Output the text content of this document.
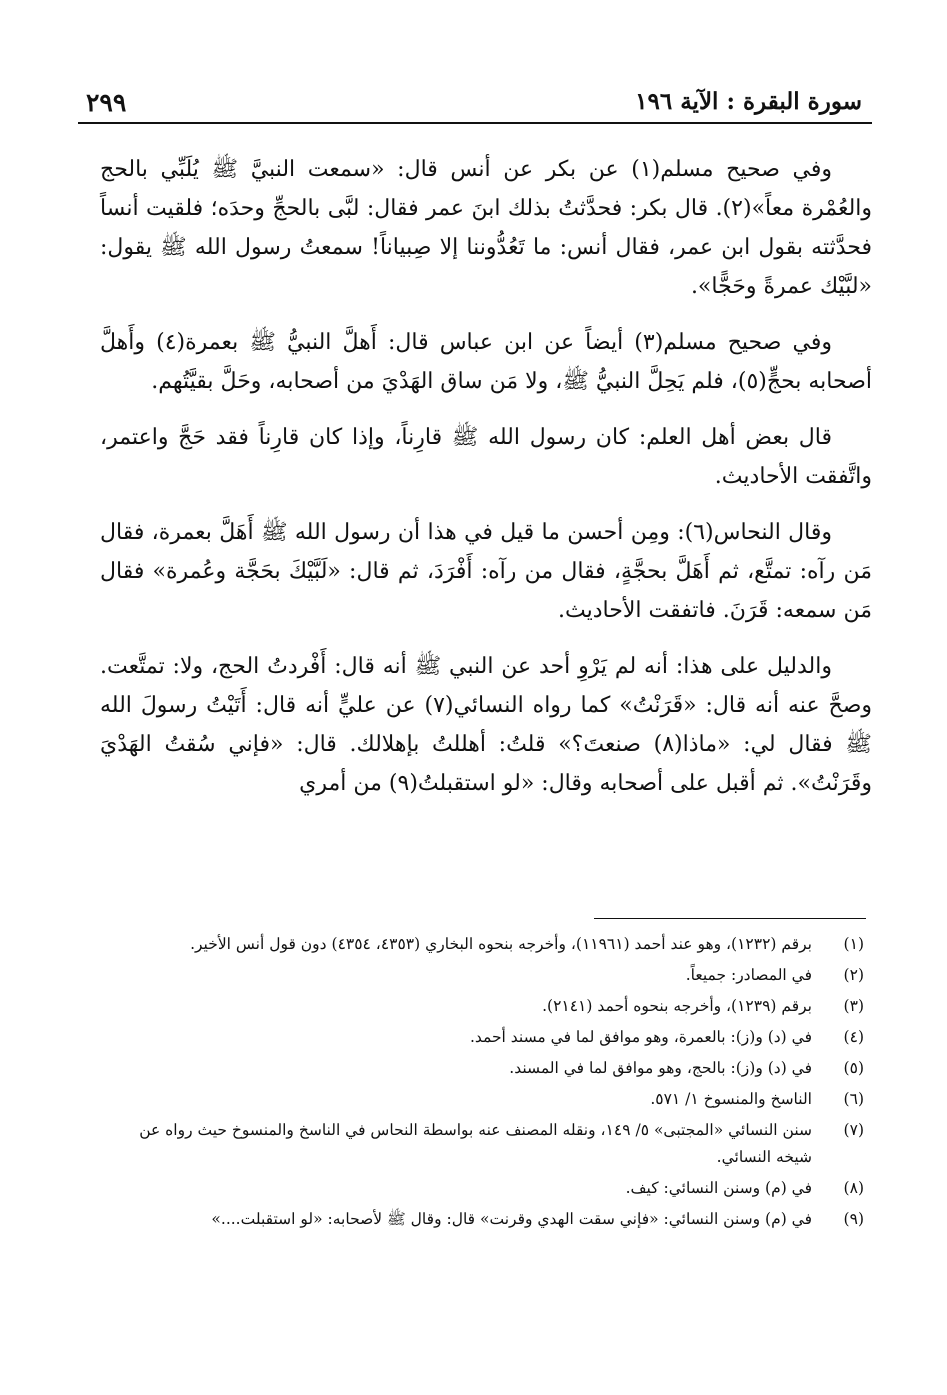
سورة البقرة : الآية ١٩٦
٢٩٩

وفي صحيح مسلم(١) عن بكر عن أنس قال: «سمعت النبيَّ ﷺ يُلَبِّي بالحج والعُمْرة معاً»(٢). قال بكر: فحدَّثتُ بذلك ابنَ عمر فقال: لبَّى بالحجِّ وحدَه؛ فلقيت أنساً فحدَّثته بقول ابن عمر، فقال أنس: ما تَعُدُّوننا إلا صِبياناً! سمعتُ رسول الله ﷺ يقول: «لبَّيْك عمرةً وحَجًّا».

وفي صحيح مسلم(٣) أيضاً عن ابن عباس قال: أَهلَّ النبيُّ ﷺ بعمرة(٤) وأَهلَّ أصحابه بحجٍّ(٥)، فلم يَحِلَّ النبيُّ ﷺ، ولا مَن ساق الهَدْيَ من أصحابه، وحَلَّ بقيَّتُهم.

قال بعض أهل العلم: كان رسول الله ﷺ قارِناً، وإذا كان قارِناً فقد حَجَّ واعتمر، واتَّفقت الأحاديث.

وقال النحاس(٦): ومِن أحسن ما قيل في هذا أن رسول الله ﷺ أَهَلَّ بعمرة، فقال مَن رآه: تمتَّع، ثم أَهَلَّ بحجَّةٍ، فقال من رآه: أَفْرَدَ، ثم قال: «لَبَّيْكَ بحَجَّة وعُمرة» فقال مَن سمعه: قَرَنَ. فاتفقت الأحاديث.

والدليل على هذا: أنه لم يَرْوِ أحد عن النبي ﷺ أنه قال: أَفْردتُ الحج، ولا: تمتَّعت. وصحَّ عنه أنه قال: «قَرَنْتُ» كما رواه النسائي(٧) عن عليٍّ أنه قال: أَتَيْتُ رسولَ الله ﷺ فقال لي: «ماذا(٨) صنعتَ؟» قلتُ: أهللتُ بإهلالك. قال: «فإني سُقتُ الهَدْيَ وقَرَنْتُ». ثم أقبل على أصحابه وقال: «لو استقبلتُ(٩) من أمري

(١)
برقم (١٢٣٢)، وهو عند أحمد (١١٩٦١)، وأخرجه بنحوه البخاري (٤٣٥٣، ٤٣٥٤) دون قول أنس الأخير.
(٢)
في المصادر: جميعاً.
(٣)
برقم (١٢٣٩)، وأخرجه بنحوه أحمد (٢١٤١).
(٤)
في (د) و(ز): بالعمرة، وهو موافق لما في مسند أحمد.
(٥)
في (د) و(ز): بالحج، وهو موافق لما في المسند.
(٦)
الناسخ والمنسوخ ١/ ٥٧١.
(٧)
سنن النسائي «المجتبى» ٥/ ١٤٩، ونقله المصنف عنه بواسطة النحاس في الناسخ والمنسوخ حيث رواه عن شيخه النسائي.
(٨)
في (م) وسنن النسائي: كيف.
(٩)
في (م) وسنن النسائي: «فإني سقت الهدي وقرنت» قال: وقال ﷺ لأصحابه: «لو استقبلت....»
